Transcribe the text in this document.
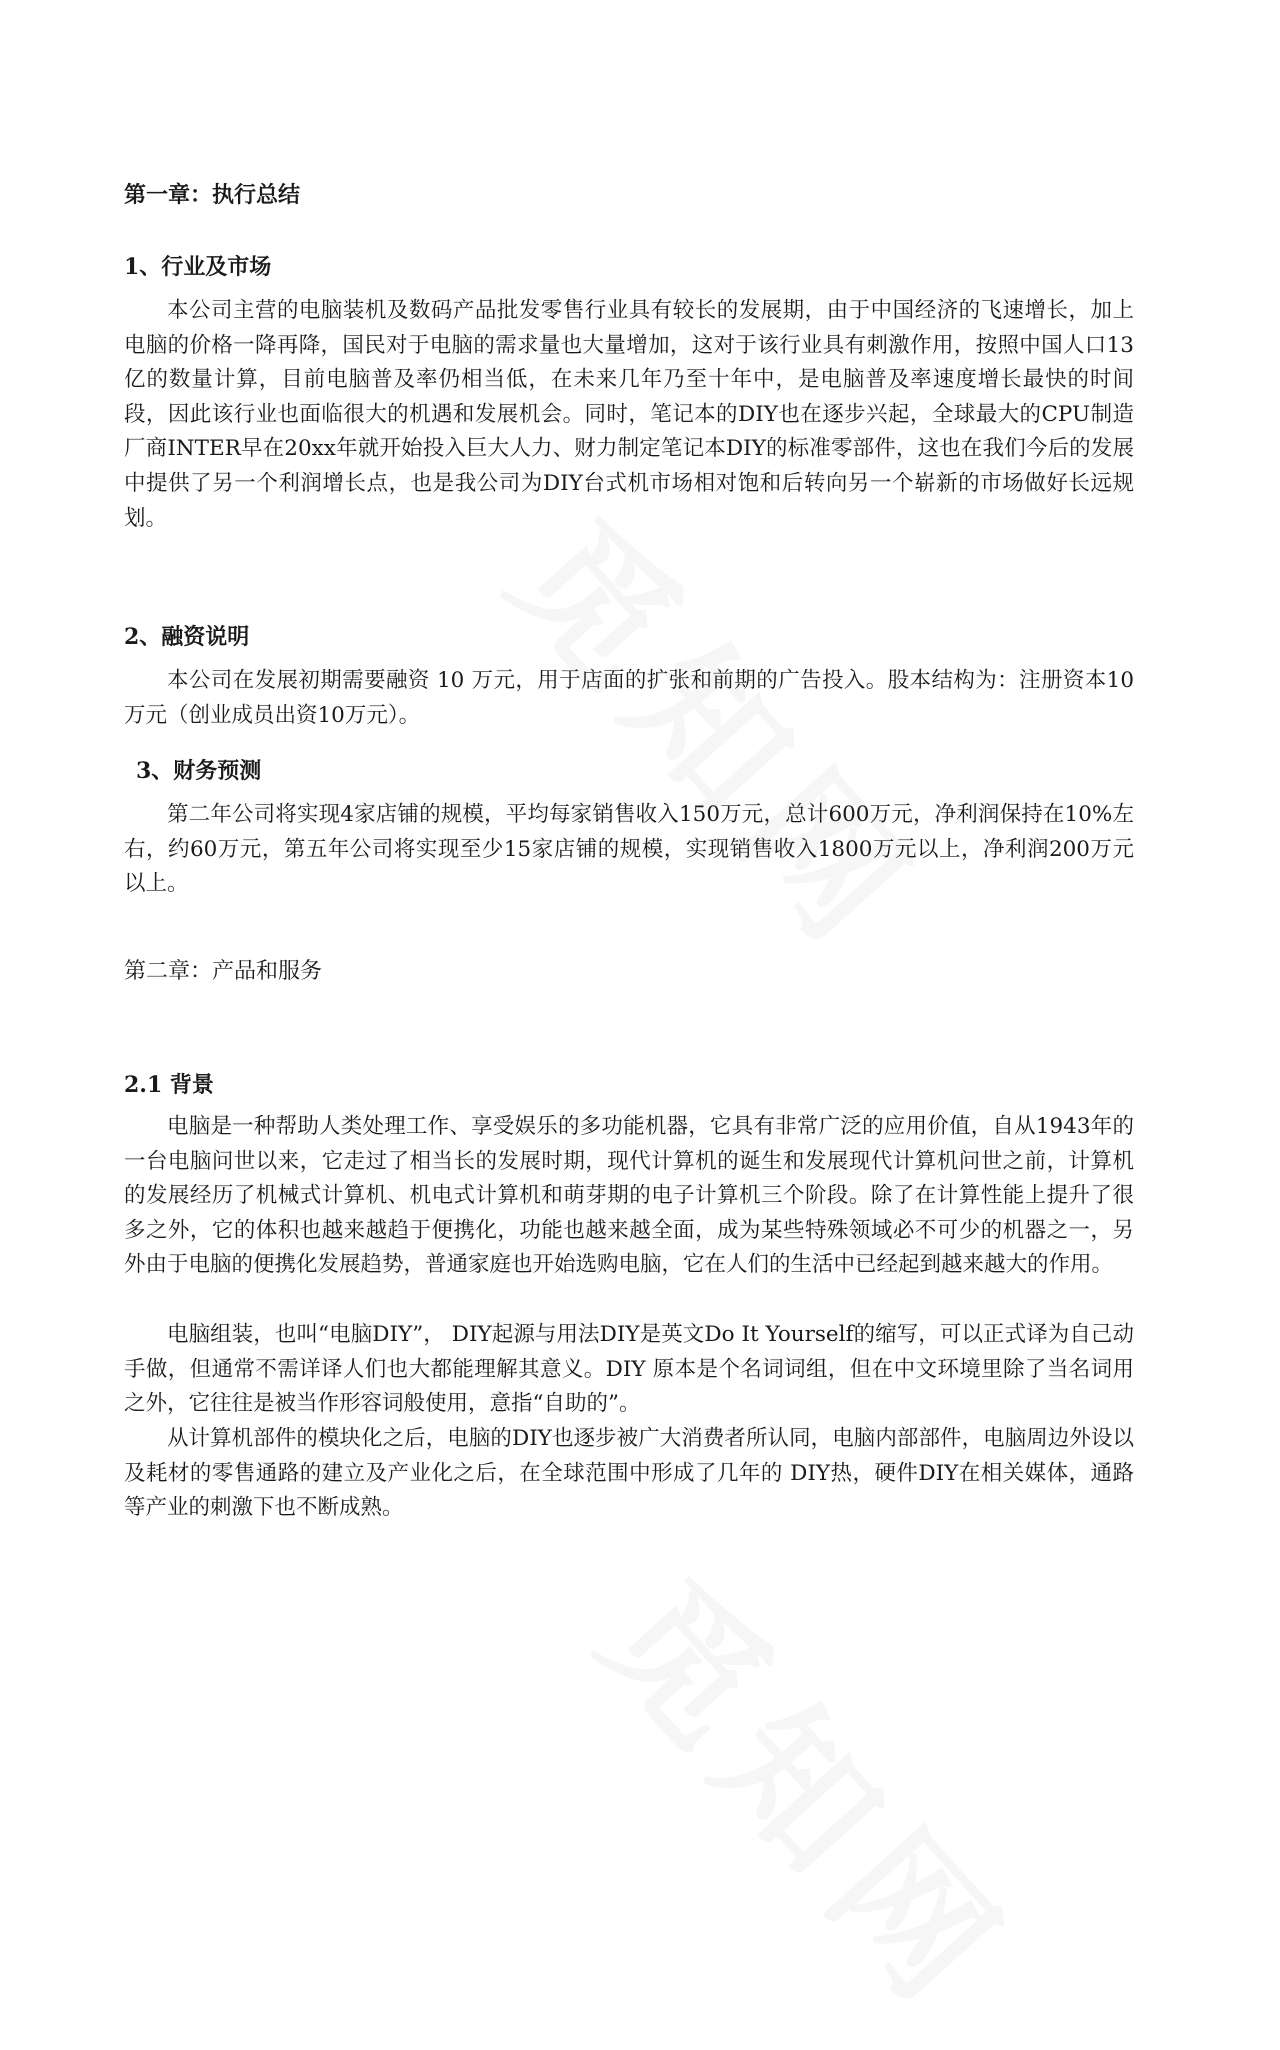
第一章：执行总结
1、行业及市场

本公司主营的电脑装机及数码产品批发零售行业具有较长的发展期，由于中国经济的飞速增长，加上电脑的价格一降再降，国民对于电脑的需求量也大量增加，这对于该行业具有刺激作用，按照中国人口13亿的数量计算，目前电脑普及率仍相当低，在未来几年乃至十年中，是电脑普及率速度增长最快的时间段，因此该行业也面临很大的机遇和发展机会。同时，笔记本的DIY也在逐步兴起，全球最大的CPU制造厂商INTER早在20xx年就开始投入巨大人力、财力制定笔记本DIY的标准零部件，这也在我们今后的发展中提供了另一个利润增长点，也是我公司为DIY台式机市场相对饱和后转向另一个崭新的市场做好长远规划。

2、融资说明

本公司在发展初期需要融资 10 万元，用于店面的扩张和前期的广告投入。股本结构为：注册资本10万元（创业成员出资10万元）。

3、财务预测

第二年公司将实现4家店铺的规模，平均每家销售收入150万元，总计600万元，净利润保持在10%左右，约60万元，第五年公司将实现至少15家店铺的规模，实现销售收入1800万元以上，净利润200万元以上。

第二章：产品和服务
2.1 背景

电脑是一种帮助人类处理工作、享受娱乐的多功能机器，它具有非常广泛的应用价值，自从1943年的一台电脑问世以来，它走过了相当长的发展时期，现代计算机的诞生和发展现代计算机问世之前，计算机的发展经历了机械式计算机、机电式计算机和萌芽期的电子计算机三个阶段。除了在计算性能上提升了很多之外，它的体积也越来越趋于便携化，功能也越来越全面，成为某些特殊领域必不可少的机器之一，另外由于电脑的便携化发展趋势，普通家庭也开始选购电脑，它在人们的生活中已经起到越来越大的作用。

电脑组装，也叫“电脑DIY”， DIY起源与用法DIY是英文Do It Yourself的缩写，可以正式译为自己动手做，但通常不需详译人们也大都能理解其意义。DIY 原本是个名词词组，但在中文环境里除了当名词用之外，它往往是被当作形容词般使用，意指“自助的”。

从计算机部件的模块化之后，电脑的DIY也逐步被广大消费者所认同，电脑内部部件，电脑周边外设以及耗材的零售通路的建立及产业化之后，在全球范围中形成了几年的 DIY热，硬件DIY在相关媒体，通路等产业的刺激下也不断成熟。
